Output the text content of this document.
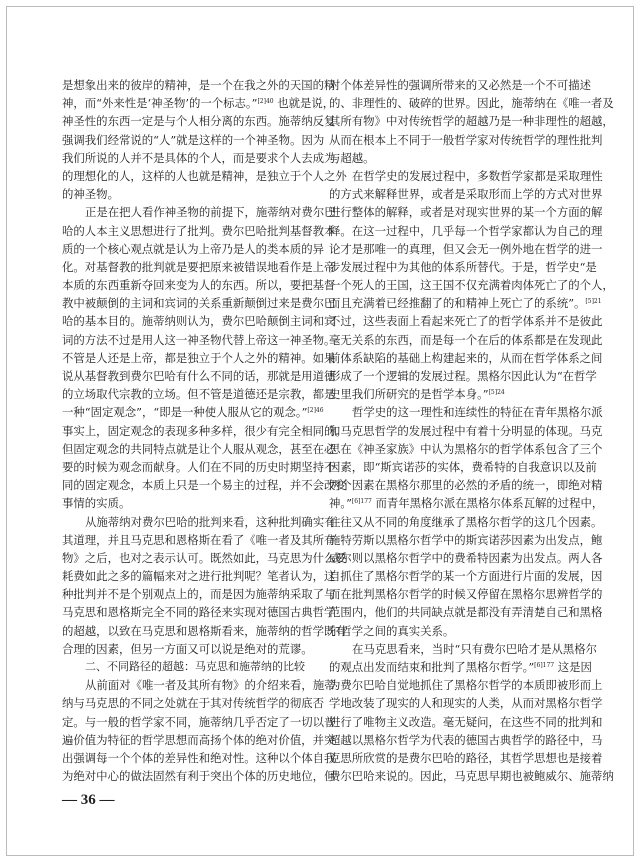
是想象出来的彼岸的精神，是一个在我之外的天国的精
神，而“外来性是‘神圣物’的一个标志。”$^{[2]40}$ 也就是说，
神圣性的东西一定是与个人相分离的东西。施蒂纳反复
强调我们经常说的“人”就是这样的一个神圣物。因为
我们所说的人并不是具体的个人，而是要求个人去成为
的理想化的人，这样的人也就是精神，是独立于个人之外
的神圣物。
正是在把人看作神圣物的前提下，施蒂纳对费尔巴
哈的人本主义思想进行了批判。费尔巴哈批判基督教本
质的一个核心观点就是认为上帝乃是人的类本质的异
化。对基督教的批判就是要把原来被错误地看作是上帝
本质的东西重新夺回来变为人的东西。所以，要把基督
教中被颠倒的主词和宾词的关系重新颠倒过来是费尔巴
哈的基本目的。施蒂纳则认为，费尔巴哈颠倒主词和宾
词的方法不过是用人这一神圣物代替上帝这一神圣物。
不管是人还是上帝，都是独立于个人之外的精神。如果
说从基督教到费尔巴哈有什么不同的话，那就是用道德
的立场取代宗教的立场。但不管是道德还是宗教，都是
一种“固定观念”，“即是一种使人服从它的观念。”$^{[2]46}$
事实上，固定观念的表现多种多样，很少有完全相同的。
但固定观念的共同特点就是让个人服从观念，甚至在必
要的时候为观念而献身。人们在不同的历史时期坚持不
同的固定观念，本质上只是一个易主的过程，并不会改变
事情的实质。
从施蒂纳对费尔巴哈的批判来看，这种批判确实有
其道理，并且马克思和恩格斯在看了《唯一者及其所有
物》之后，也对之表示认可。既然如此，马克思为什么要
耗费如此之多的篇幅来对之进行批判呢？笔者认为，这
种批判并不是个别观点上的，而是因为施蒂纳采取了与
马克思和恩格斯完全不同的路径来实现对德国古典哲学
的超越，以致在马克思和恩格斯看来，施蒂纳的哲学既有
合理的因素，但另一方面又可以说是绝对的荒谬。
二、不同路径的超越：马克思和施蒂纳的比较
从前面对《唯一者及其所有物》的介绍来看，施蒂
纳与马克思的不同之处就在于其对传统哲学的彻底否
定。与一般的哲学家不同，施蒂纳几乎否定了一切以普
遍价值为特征的哲学思想而高扬个体的绝对价值，并突
出强调每一个个体的差异性和绝对性。这种以个体自我
为绝对中心的做法固然有利于突出个体的历史地位，但
对个体差异性的强调所带来的又必然是一个不可描述
的、非理性的、破碎的世界。因此，施蒂纳在《唯一者及
其所有物》中对传统哲学的超越乃是一种非理性的超越，
从而在根本上不同于一般哲学家对传统哲学的理性批判
与超越。
在哲学史的发展过程中，多数哲学家都是采取理性
的方式来解释世界，或者是采取形而上学的方式对世界
进行整体的解释，或者是对现实世界的某一个方面的解
释。在这一过程中，几乎每一个哲学家都认为自己的理
论才是那唯一的真理，但又会无一例外地在哲学的进一
步发展过程中为其他的体系所替代。于是，哲学史“是
一个死人的王国，这王国不仅充满着肉体死亡了的个人，
而且充满着已经推翻了的和精神上死亡了的系统”。$^{[5]21}$
不过，这些表面上看起来死亡了的哲学体系并不是彼此
毫无关系的东西，而是每一个在后的体系都是在发现此
前体系缺陷的基础上构建起来的，从而在哲学体系之间
形成了一个逻辑的发展过程。黑格尔因此认为“在哲学
史里我们所研究的是哲学本身。”$^{[5]24}$
哲学史的这一理性和连续性的特征在青年黑格尔派
和马克思哲学的发展过程中有着十分明显的体现。马克
思在《神圣家族》中认为黑格尔的哲学体系包含了三个
因素，即“斯宾诺莎的实体，费希特的自我意识以及前
两个因素在黑格尔那里的必然的矛盾的统一，即绝对精
神。”$^{[6]177}$ 而青年黑格尔派在黑格尔体系瓦解的过程中，
往往又从不同的角度继承了黑格尔哲学的这几个因素。
施特劳斯以黑格尔哲学中的斯宾诺莎因素为出发点，鲍
威尔则以黑格尔哲学中的费希特因素为出发点。两人各
自抓住了黑格尔哲学的某一个方面进行片面的发展，因
而在批判黑格尔哲学的时候又停留在黑格尔思辨哲学的
范围内，他们的共同缺点就是都没有弄清楚自己和黑格
尔哲学之间的真实关系。
在马克思看来，当时“只有费尔巴哈才是从黑格尔
的观点出发而结束和批判了黑格尔哲学。”$^{[6]177}$ 这是因
为费尔巴哈自觉地抓住了黑格尔哲学的本质即被形而上
学地改装了现实的人和现实的人类，从而对黑格尔哲学
进行了唯物主义改造。毫无疑问，在这些不同的批判和
超越以黑格尔哲学为代表的德国古典哲学的路径中，马
克思所欣赏的是费尔巴哈的路径，其哲学思想也是接着
费尔巴哈来说的。因此，马克思早期也被鲍威尔、施蒂纳
— 36 —
